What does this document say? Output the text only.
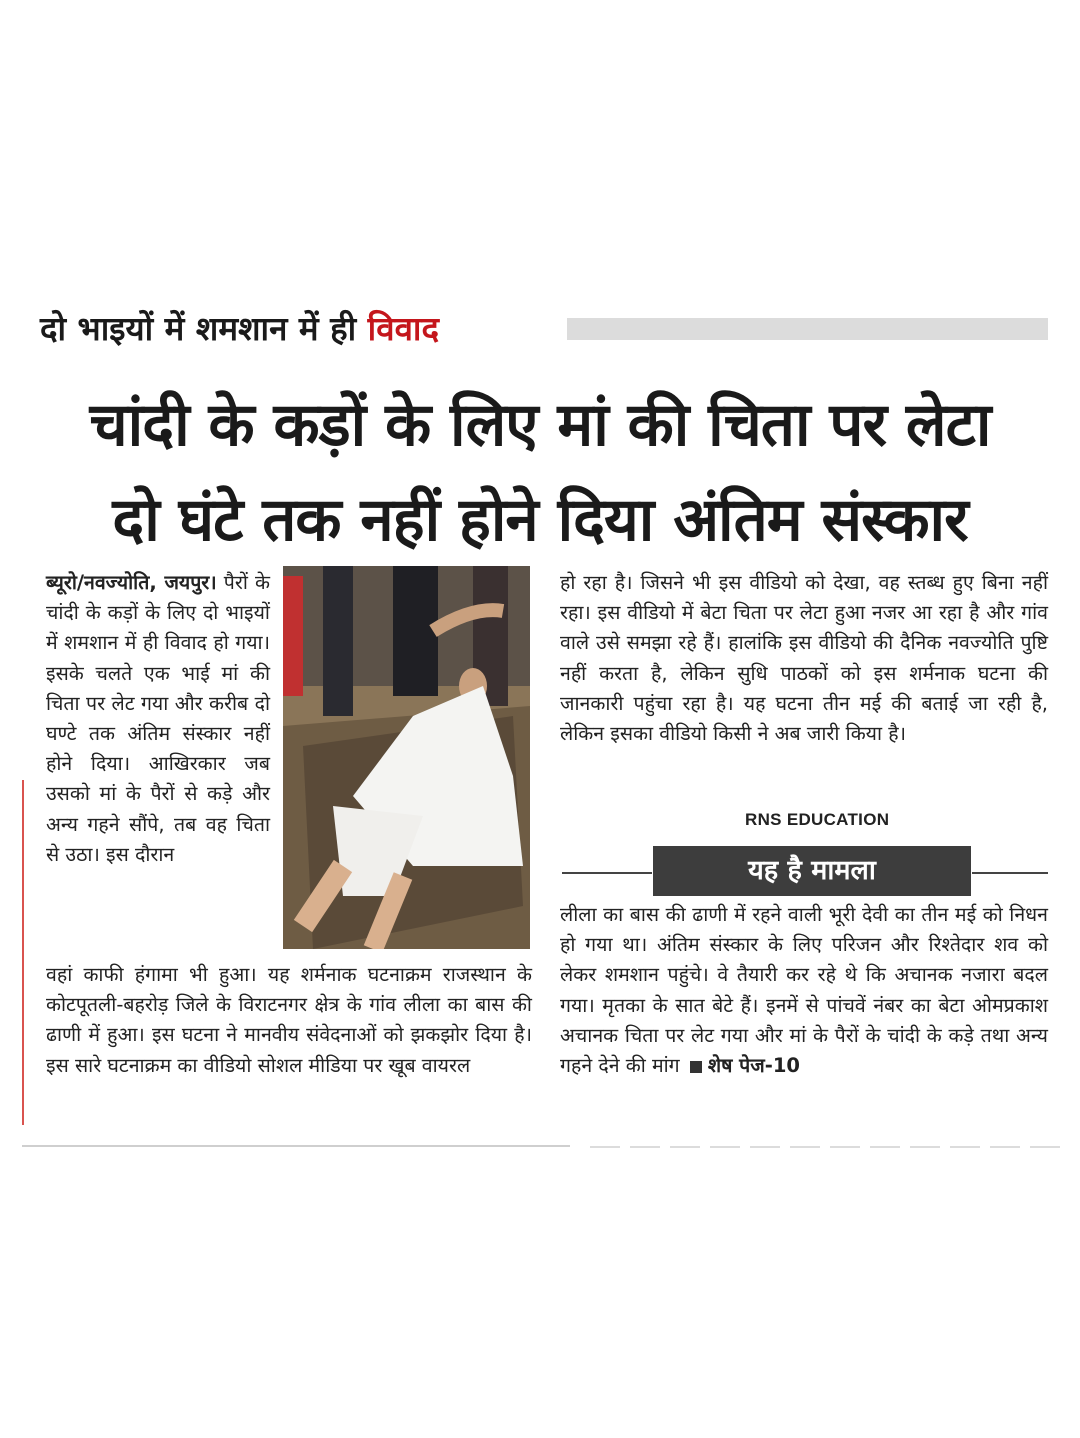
दो भाइयों में शमशान में ही विवाद
चांदी के कड़ों के लिए मां की चिता पर लेटा
दो घंटे तक नहीं होने दिया अंतिम संस्कार

ब्यूरो/नवज्योति, जयपुर। पैरों के चांदी के कड़ों के लिए दो भाइयों में शमशान में ही विवाद हो गया। इसके चलते एक भाई मां की चिता पर लेट गया और करीब दो घण्टे तक अंतिम संस्कार नहीं होने दिया। आखिरकार जब उसको मां के पैरों से कड़े और अन्य गहने सौंपे, तब वह चिता से उठा। इस दौरान

वहां काफी हंगामा भी हुआ। यह शर्मनाक घटनाक्रम राजस्थान के कोटपूतली-बहरोड़ जिले के विराटनगर क्षेत्र के गांव लीला का बास की ढाणी में हुआ। इस घटना ने मानवीय संवेदनाओं को झकझोर दिया है। इस सारे घटनाक्रम का वीडियो सोशल मीडिया पर खूब वायरल

हो रहा है। जिसने भी इस वीडियो को देखा, वह स्तब्ध हुए बिना नहीं रहा। इस वीडियो में बेटा चिता पर लेटा हुआ नजर आ रहा है और गांव वाले उसे समझा रहे हैं। हालांकि इस वीडियो की दैनिक नवज्योति पुष्टि नहीं करता है, लेकिन सुधि पाठकों को इस शर्मनाक घटना की जानकारी पहुंचा रहा है। यह घटना तीन मई की बताई जा रही है, लेकिन इसका वीडियो किसी ने अब जारी किया है।

RNS EDUCATION
यह है मामला

लीला का बास की ढाणी में रहने वाली भूरी देवी का तीन मई को निधन हो गया था। अंतिम संस्कार के लिए परिजन और रिश्तेदार शव को लेकर शमशान पहुंचे। वे तैयारी कर रहे थे कि अचानक नजारा बदल गया। मृतका के सात बेटे हैं। इनमें से पांचवें नंबर का बेटा ओमप्रकाश अचानक चिता पर लेट गया और मां के पैरों के चांदी के कड़े तथा अन्य गहने देने की मांग शेष पेज-10
